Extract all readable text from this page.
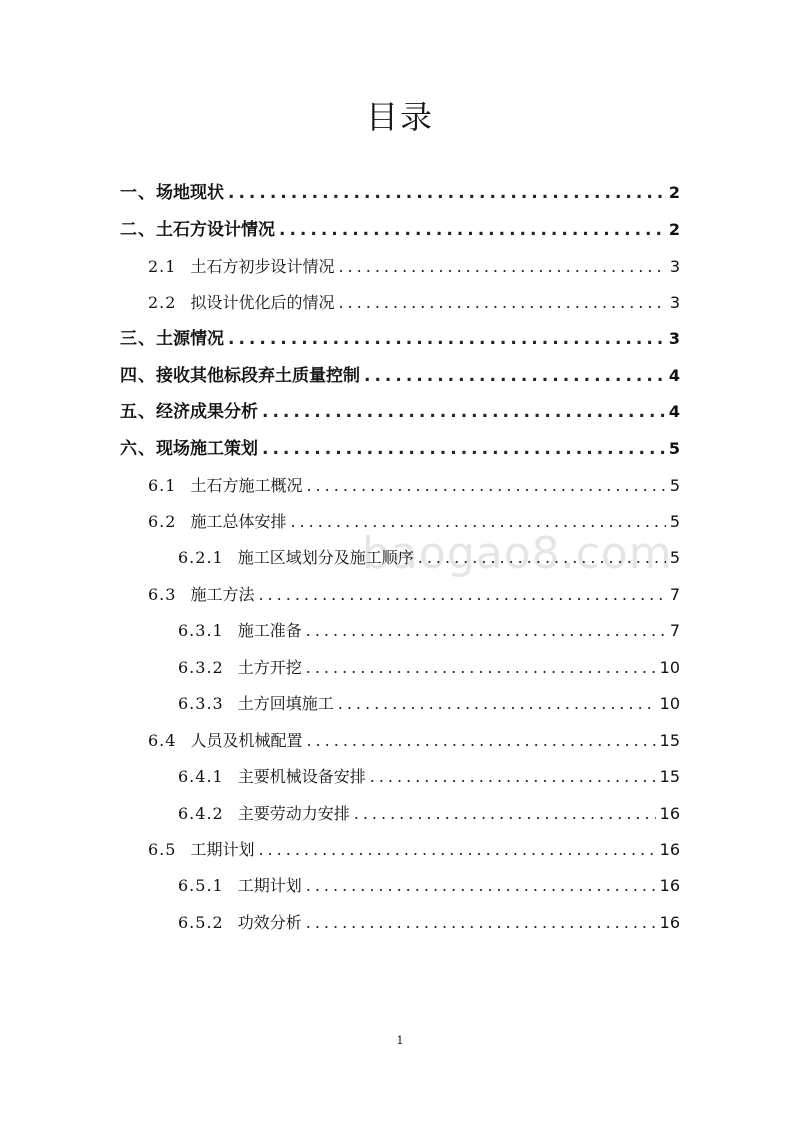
目录
baogao8.com
一、 场地现状 .....	2
二、 土石方设计情况 .....	2
2.1 土石方初步设计情况 .....	3
2.2 拟设计优化后的情况 .....	3
三、 土源情况 .....	3
四、 接收其他标段弃土质量控制 .....	4
五、 经济成果分析 .....	4
六、 现场施工策划 .....	5
6.1 土石方施工概况 .....	5
6.2 施工总体安排 .....	5
6.2.1 施工区域划分及施工顺序 .....	5
6.3 施工方法 .....	7
6.3.1 施工准备 .....	7
6.3.2 土方开挖 .....	10
6.3.3 土方回填施工 .....	10
6.4 人员及机械配置 .....	15
6.4.1 主要机械设备安排 .....	15
6.4.2 主要劳动力安排 .....	16
6.5 工期计划 .....	16
6.5.1 工期计划 .....	16
6.5.2 功效分析 .....	16
1
